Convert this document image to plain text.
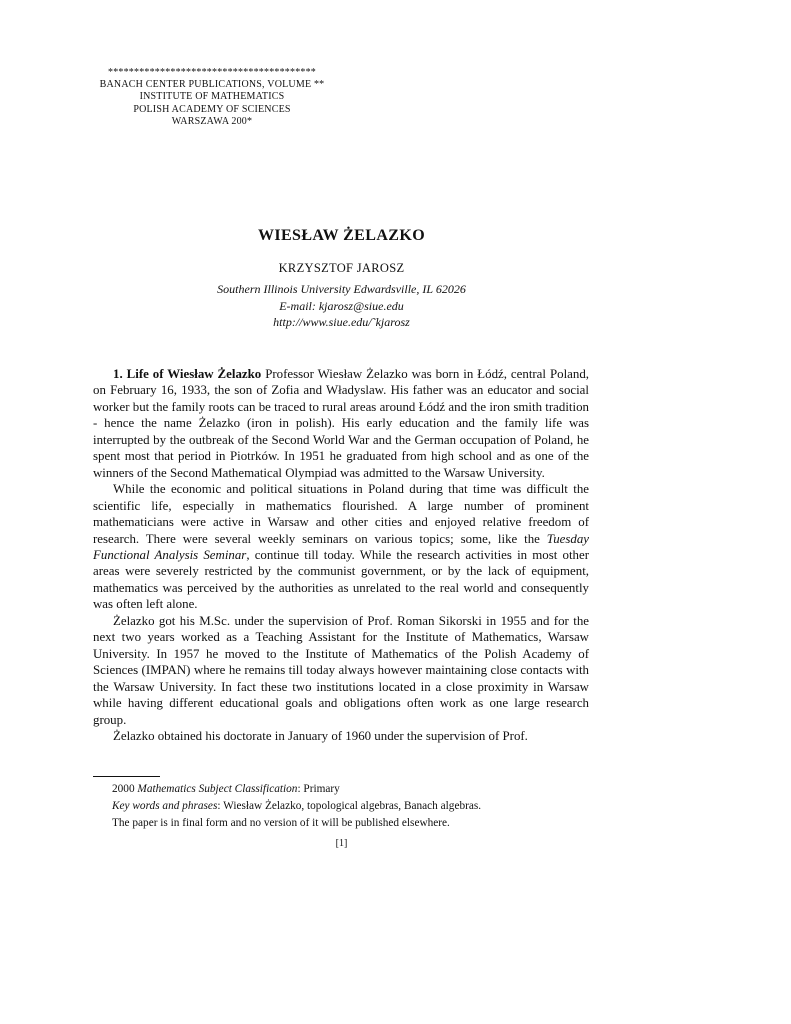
****************************************
BANACH CENTER PUBLICATIONS, VOLUME **
INSTITUTE OF MATHEMATICS
POLISH ACADEMY OF SCIENCES
WARSZAWA 200*
WIESŁAW ŻELAZKO
KRZYSZTOF JAROSZ
Southern Illinois University Edwardsville, IL 62026
E-mail: kjarosz@siue.edu
http://www.siue.edu/˜kjarosz

1. Life of Wiesław Żelazko Professor Wiesław Żelazko was born in Łódź, central Poland, on February 16, 1933, the son of Zofia and Władyslaw. His father was an educator and social worker but the family roots can be traced to rural areas around Łódź and the iron smith tradition - hence the name Żelazko (iron in polish). His early education and the family life was interrupted by the outbreak of the Second World War and the German occupation of Poland, he spent most that period in Piotrków. In 1951 he graduated from high school and as one of the winners of the Second Mathematical Olympiad was admitted to the Warsaw University.

While the economic and political situations in Poland during that time was difficult the scientific life, especially in mathematics flourished. A large number of prominent mathematicians were active in Warsaw and other cities and enjoyed relative freedom of research. There were several weekly seminars on various topics; some, like the Tuesday Functional Analysis Seminar, continue till today. While the research activities in most other areas were severely restricted by the communist government, or by the lack of equipment, mathematics was perceived by the authorities as unrelated to the real world and consequently was often left alone.

Żelazko got his M.Sc. under the supervision of Prof. Roman Sikorski in 1955 and for the next two years worked as a Teaching Assistant for the Institute of Mathematics, Warsaw University. In 1957 he moved to the Institute of Mathematics of the Polish Academy of Sciences (IMPAN) where he remains till today always however maintaining close contacts with the Warsaw University. In fact these two institutions located in a close proximity in Warsaw while having different educational goals and obligations often work as one large research group.

Żelazko obtained his doctorate in January of 1960 under the supervision of Prof.

2000 Mathematics Subject Classification: Primary
Key words and phrases: Wiesław Żelazko, topological algebras, Banach algebras.
The paper is in final form and no version of it will be published elsewhere.
[1]
